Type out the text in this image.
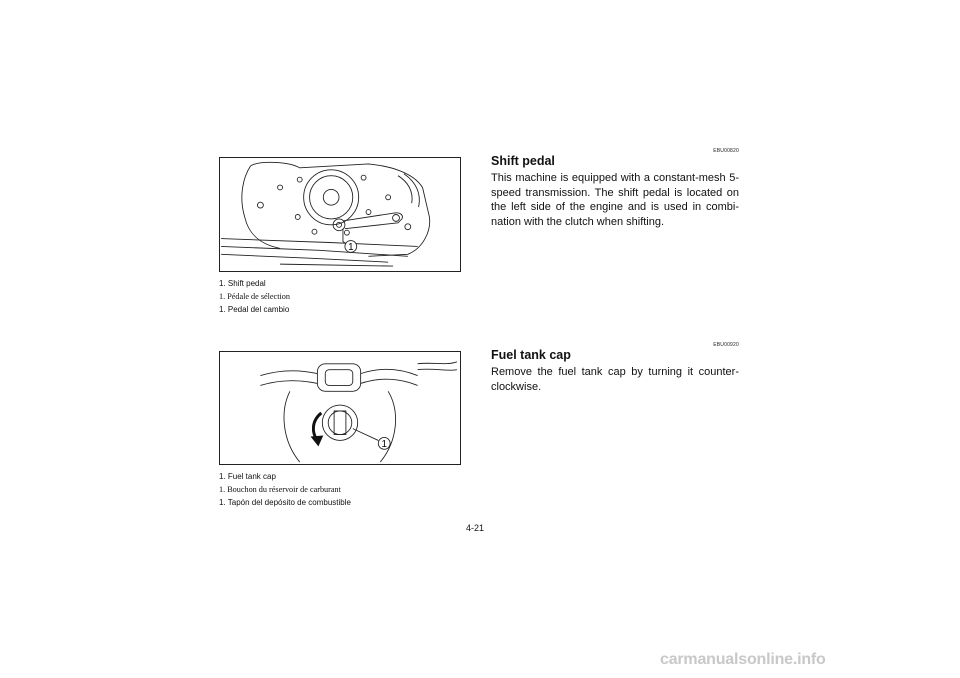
1
1. Shift pedal
1. Pédale de sélection
1. Pedal del cambio
1
1. Fuel tank cap
1. Bouchon du réservoir de carburant
1. Tapón del depósito de combustible
EBU00820
Shift pedal
This machine is equipped with a constant-mesh 5-speed transmission. The shift pedal is located on the left side of the engine and is used in combi-nation with the clutch when shifting.
EBU00920
Fuel tank cap
Remove the fuel tank cap by turning it counter-clockwise.
4-21
carmanualsonline.info
